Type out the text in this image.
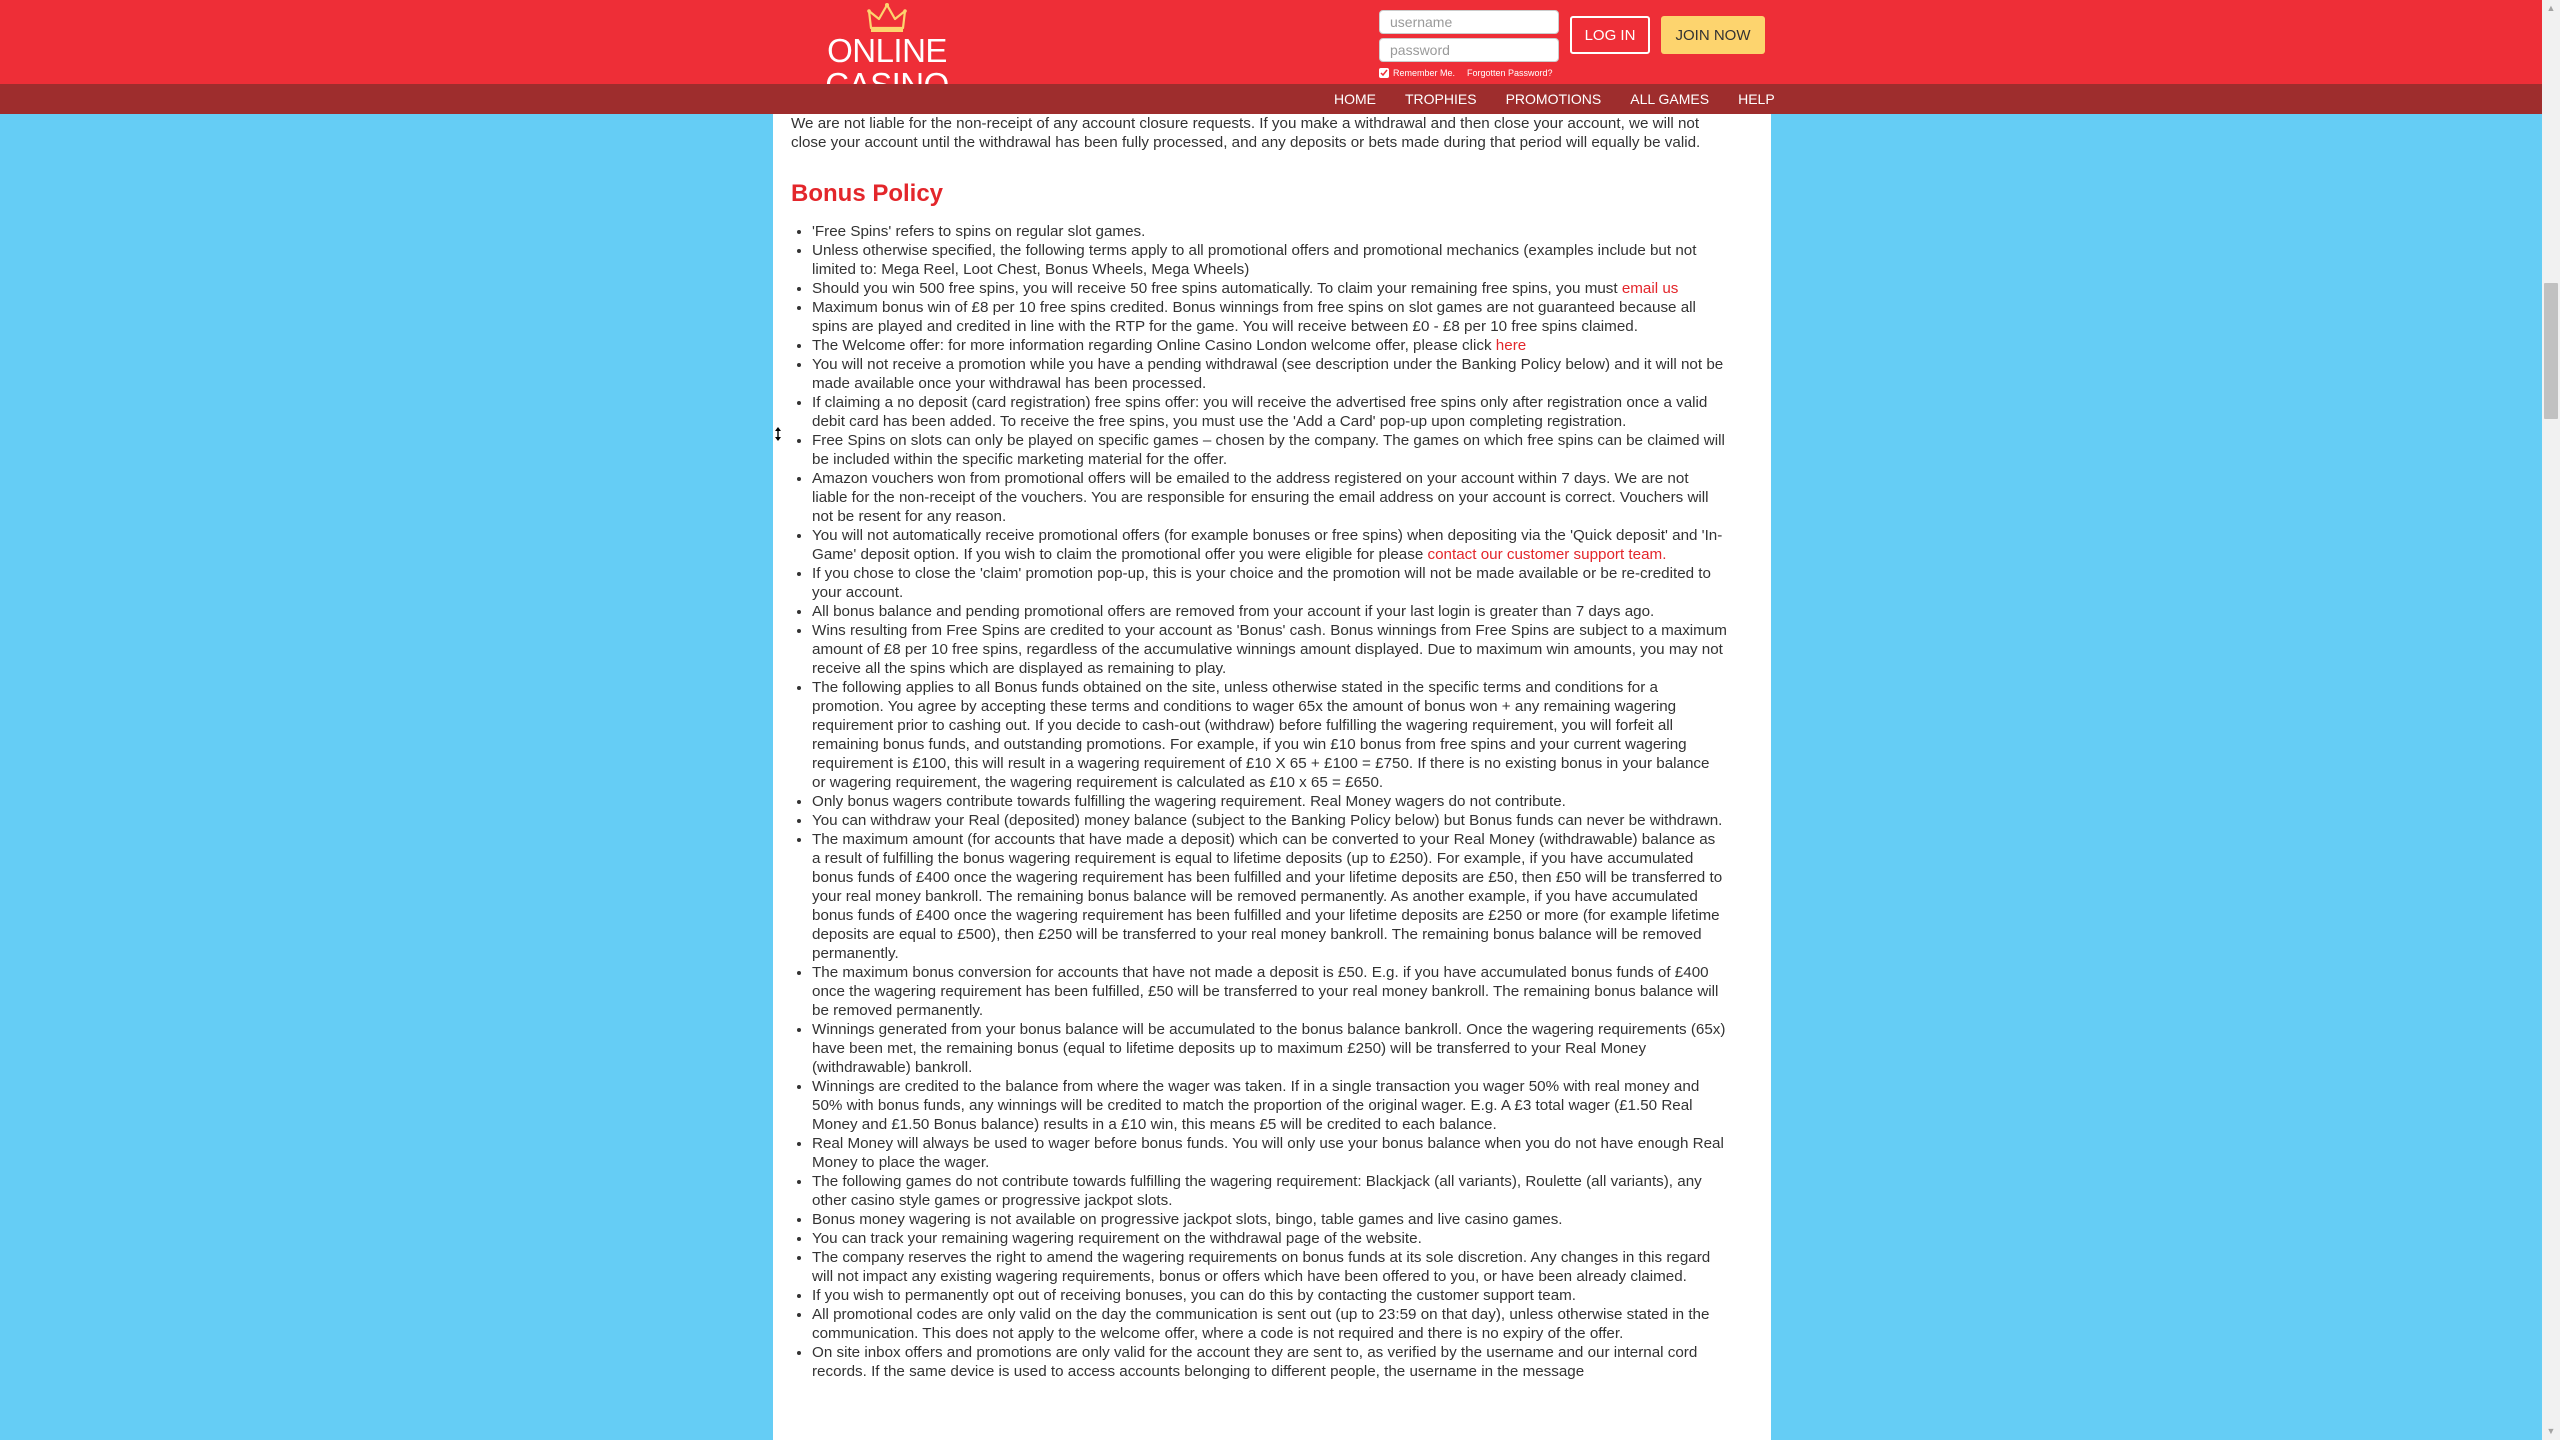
ONLINE
username
Remember Me. Forgotten Password?
LOG IN	JOIN NOW
HOME TROPHIES PROMOTIONS ALL GAMES HELP

We are not liable for the non-receipt of any account closure requests. If you make a withdrawal and then close your account, we will not close your account until the withdrawal has been fully processed, and any deposits or bets made during that period will equally be valid.

Bonus Policy
• 'Free Spins' refers to spins on regular slot games.
• Unless otherwise specified, the following terms apply to all promotional offers and promotional mechanics (examples include but not limited to: Mega Reel, Loot Chest, Bonus Wheels, Mega Wheels)
• Should you win 500 free spins, you will receive 50 free spins automatically. To claim your remaining free spins, you must email us
• Maximum bonus win of £8 per 10 free spins credited. Bonus winnings from free spins on slot games are not guaranteed because all spins are played and credited in line with the RTP for the game. You will receive between £0 - £8 per 10 free spins claimed.
• The Welcome offer: for more information regarding Online Casino London welcome offer, please click here
• You will not receive a promotion while you have a pending withdrawal (see description under the Banking Policy below) and it will not be made available once your withdrawal has been processed.
• If claiming a no deposit (card registration) free spins offer: you will receive the advertised free spins only after registration once a valid debit card has been added. To receive the free spins, you must use the 'Add a Card' pop-up upon completing registration.
• Free Spins on slots can only be played on specific games – chosen by the company. The games on which free spins can be claimed will be included within the specific marketing material for the offer.
• Amazon vouchers won from promotional offers will be emailed to the address registered on your account within 7 days. We are not liable for the non-receipt of the vouchers. You are responsible for ensuring the email address on your account is correct. Vouchers will not be resent for any reason.
• You will not automatically receive promotional offers (for example bonuses or free spins) when depositing via the 'Quick deposit' and 'In-Game' deposit option. If you wish to claim the promotional offer you were eligible for please contact our customer support team.
• If you chose to close the 'claim' promotion pop-up, this is your choice and the promotion will not be made available or be re-credited to your account.
• All bonus balance and pending promotional offers are removed from your account if your last login is greater than 7 days ago.
• Wins resulting from Free Spins are credited to your account as 'Bonus' cash. Bonus winnings from Free Spins are subject to a maximum amount of £8 per 10 free spins, regardless of the accumulative winnings amount displayed. Due to maximum win amounts, you may not receive all the spins which are displayed as remaining to play.
• The following applies to all Bonus funds obtained on the site, unless otherwise stated in the specific terms and conditions for a promotion. You agree by accepting these terms and conditions to wager 65x the amount of bonus won + any remaining wagering requirement prior to cashing out. If you decide to cash-out (withdraw) before fulfilling the wagering requirement, you will forfeit all remaining bonus funds, and outstanding promotions. For example, if you win £10 bonus from free spins and your current wagering requirement is £100, this will result in a wagering requirement of £10 X 65 + £100 = £750. If there is no existing bonus in your balance or wagering requirement, the wagering requirement is calculated as £10 x 65 = £650.
• Only bonus wagers contribute towards fulfilling the wagering requirement. Real Money wagers do not contribute.
• You can withdraw your Real (deposited) money balance (subject to the Banking Policy below) but Bonus funds can never be withdrawn.
• The maximum amount (for accounts that have made a deposit) which can be converted to your Real Money (withdrawable) balance as a result of fulfilling the bonus wagering requirement is equal to lifetime deposits (up to £250). For example, if you have accumulated bonus funds of £400 once the wagering requirement has been fulfilled and your lifetime deposits are £50, then £50 will be transferred to your real money bankroll. The remaining bonus balance will be removed permanently. As another example, if you have accumulated bonus funds of £400 once the wagering requirement has been fulfilled and your lifetime deposits are £250 or more (for example lifetime deposits are equal to £500), then £250 will be transferred to your real money bankroll. The remaining bonus balance will be removed permanently.
• The maximum bonus conversion for accounts that have not made a deposit is £50. E.g. if you have accumulated bonus funds of £400 once the wagering requirement has been fulfilled, £50 will be transferred to your real money bankroll. The remaining bonus balance will be removed permanently.
• Winnings generated from your bonus balance will be accumulated to the bonus balance bankroll. Once the wagering requirements (65x) have been met, the remaining bonus (equal to lifetime deposits up to maximum £250) will be transferred to your Real Money (withdrawable) bankroll.
• Winnings are credited to the balance from where the wager was taken. If in a single transaction you wager 50% with real money and 50% with bonus funds, any winnings will be credited to match the proportion of the original wager. E.g. A £3 total wager (£1.50 Real Money and £1.50 Bonus balance) results in a £10 win, this means £5 will be credited to each balance.
• Real Money will always be used to wager before bonus funds. You will only use your bonus balance when you do not have enough Real Money to place the wager.
• The following games do not contribute towards fulfilling the wagering requirement: Blackjack (all variants), Roulette (all variants), any other casino style games or progressive jackpot slots.
• Bonus money wagering is not available on progressive jackpot slots, bingo, table games and live casino games.
• You can track your remaining wagering requirement on the withdrawal page of the website.
• The company reserves the right to amend the wagering requirements on bonus funds at its sole discretion. Any changes in this regard will not impact any existing wagering requirements, bonus or offers which have been offered to you, or have been already claimed.
• If you wish to permanently opt out of receiving bonuses, you can do this by contacting the customer support team.
• All promotional codes are only valid on the day the communication is sent out (up to 23:59 on that day), unless otherwise stated in the communication. This does not apply to the welcome offer, where a code is not required and there is no expiry of the offer.
• On site inbox offers and promotions are only valid for the account they are sent to, as verified by the username and our internal cord records. If the same device is used to access accounts belonging to different people, the username in the message
▲
▼
